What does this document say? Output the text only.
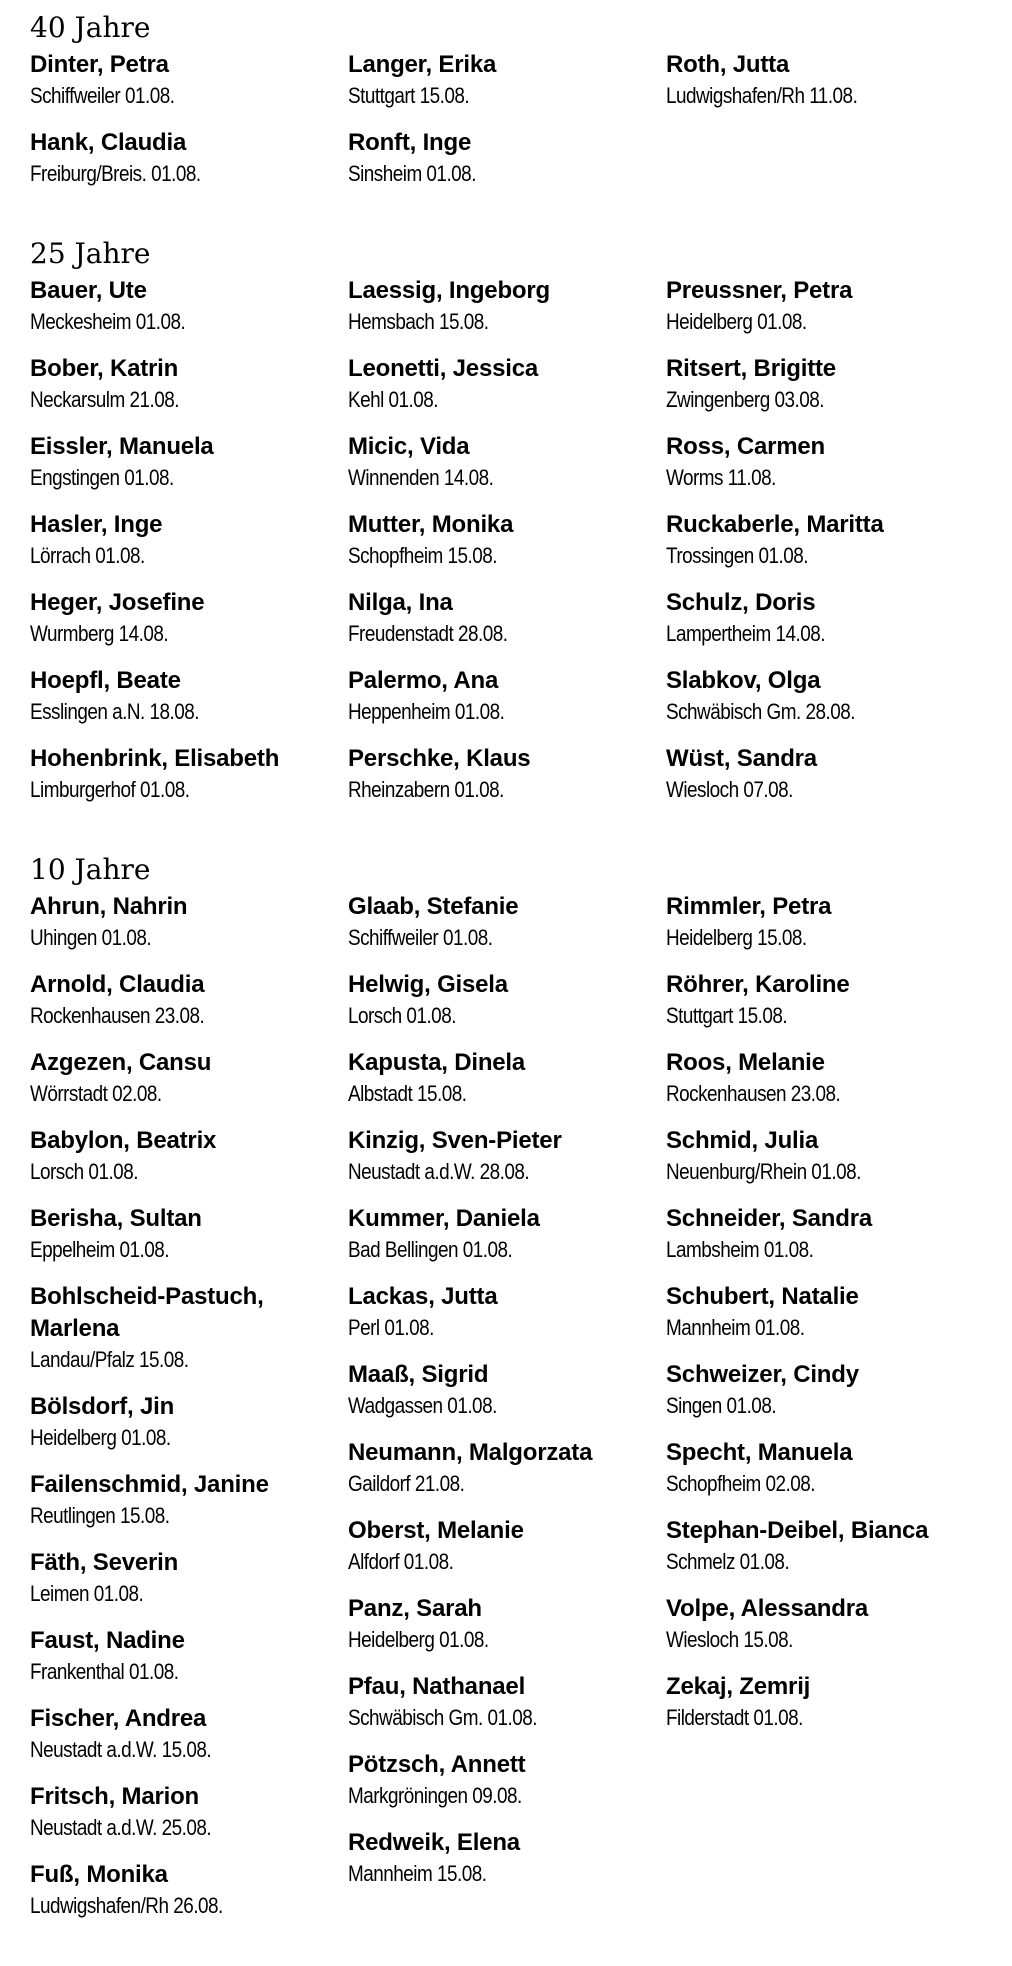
40 Jahre
Dinter, Petra
Schiffweiler 01.08.
Hank, Claudia
Freiburg/Breis. 01.08.
Langer, Erika
Stuttgart 15.08.
Ronft, Inge
Sinsheim 01.08.
Roth, Jutta
Ludwigshafen/Rh 11.08.
25 Jahre
Bauer, Ute
Meckesheim 01.08.
Bober, Katrin
Neckarsulm 21.08.
Eissler, Manuela
Engstingen 01.08.
Hasler, Inge
Lörrach 01.08.
Heger, Josefine
Wurmberg 14.08.
Hoepfl, Beate
Esslingen a.N. 18.08.
Hohenbrink, Elisabeth
Limburgerhof 01.08.
Laessig, Ingeborg
Hemsbach 15.08.
Leonetti, Jessica
Kehl 01.08.
Micic, Vida
Winnenden 14.08.
Mutter, Monika
Schopfheim 15.08.
Nilga, Ina
Freudenstadt 28.08.
Palermo, Ana
Heppenheim 01.08.
Perschke, Klaus
Rheinzabern 01.08.
Preussner, Petra
Heidelberg 01.08.
Ritsert, Brigitte
Zwingenberg 03.08.
Ross, Carmen
Worms 11.08.
Ruckaberle, Maritta
Trossingen 01.08.
Schulz, Doris
Lampertheim 14.08.
Slabkov, Olga
Schwäbisch Gm. 28.08.
Wüst, Sandra
Wiesloch 07.08.
10 Jahre
Ahrun, Nahrin
Uhingen 01.08.
Arnold, Claudia
Rockenhausen 23.08.
Azgezen, Cansu
Wörrstadt 02.08.
Babylon, Beatrix
Lorsch 01.08.
Berisha, Sultan
Eppelheim 01.08.
Bohlscheid-Pastuch,
Marlena
Landau/Pfalz 15.08.
Bölsdorf, Jin
Heidelberg 01.08.
Failenschmid, Janine
Reutlingen 15.08.
Fäth, Severin
Leimen 01.08.
Faust, Nadine
Frankenthal 01.08.
Fischer, Andrea
Neustadt a.d.W. 15.08.
Fritsch, Marion
Neustadt a.d.W. 25.08.
Fuß, Monika
Ludwigshafen/Rh 26.08.
Glaab, Stefanie
Schiffweiler 01.08.
Helwig, Gisela
Lorsch 01.08.
Kapusta, Dinela
Albstadt 15.08.
Kinzig, Sven-Pieter
Neustadt a.d.W. 28.08.
Kummer, Daniela
Bad Bellingen 01.08.
Lackas, Jutta
Perl 01.08.
Maaß, Sigrid
Wadgassen 01.08.
Neumann, Malgorzata
Gaildorf 21.08.
Oberst, Melanie
Alfdorf 01.08.
Panz, Sarah
Heidelberg 01.08.
Pfau, Nathanael
Schwäbisch Gm. 01.08.
Pötzsch, Annett
Markgröningen 09.08.
Redweik, Elena
Mannheim 15.08.
Rimmler, Petra
Heidelberg 15.08.
Röhrer, Karoline
Stuttgart 15.08.
Roos, Melanie
Rockenhausen 23.08.
Schmid, Julia
Neuenburg/Rhein 01.08.
Schneider, Sandra
Lambsheim 01.08.
Schubert, Natalie
Mannheim 01.08.
Schweizer, Cindy
Singen 01.08.
Specht, Manuela
Schopfheim 02.08.
Stephan-Deibel, Bianca
Schmelz 01.08.
Volpe, Alessandra
Wiesloch 15.08.
Zekaj, Zemrij
Filderstadt 01.08.
